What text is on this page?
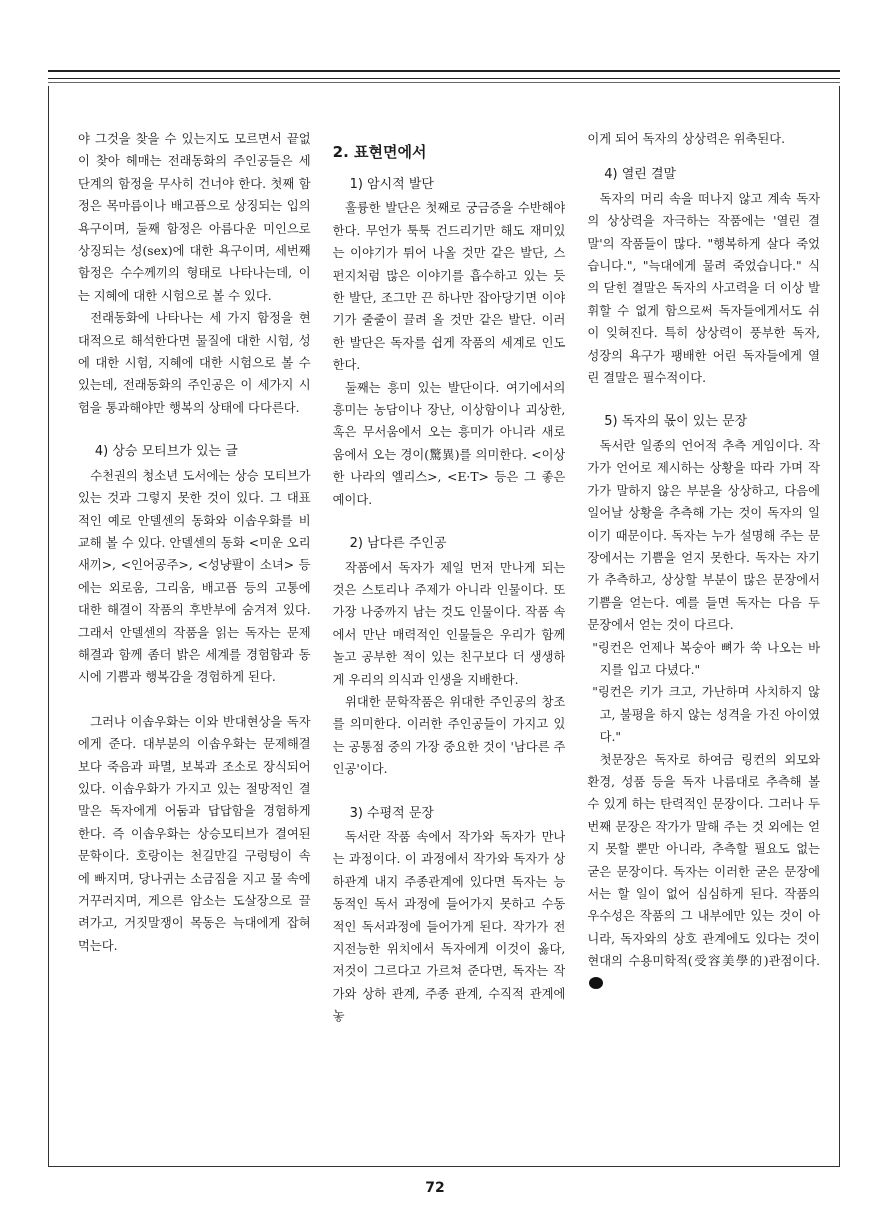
야 그것을 찾을 수 있는지도 모르면서 끝없이 찾아 헤매는 전래동화의 주인공들은 세 단계의 함정을 무사히 건너야 한다. 첫째 함정은 목마름이나 배고픔으로 상징되는 입의 욕구이며, 둘째 함정은 아름다운 미인으로 상징되는 성(sex)에 대한 욕구이며, 세번째 함정은 수수께끼의 형태로 나타나는데, 이는 지혜에 대한 시험으로 볼 수 있다.

전래동화에 나타나는 세 가지 함정을 현대적으로 해석한다면 물질에 대한 시험, 성에 대한 시험, 지혜에 대한 시험으로 볼 수 있는데, 전래동화의 주인공은 이 세가지 시험을 통과해야만 행복의 상태에 다다른다.

4) 상승 모티브가 있는 글

수천권의 청소년 도서에는 상승 모티브가 있는 것과 그렇지 못한 것이 있다. 그 대표적인 예로 안델센의 동화와 이솝우화를 비교해 볼 수 있다. 안델센의 동화 <미운 오리 새끼>, <인어공주>, <성냥팔이 소녀> 등에는 외로움, 그리움, 배고픔 등의 고통에 대한 해결이 작품의 후반부에 숨겨져 있다. 그래서 안델센의 작품을 읽는 독자는 문제 해결과 함께 좀더 밝은 세계를 경험함과 동시에 기쁨과 행복감을 경험하게 된다.

그러나 이솝우화는 이와 반대현상을 독자에게 준다. 대부분의 이솝우화는 문제해결 보다 죽음과 파멸, 보복과 조소로 장식되어 있다. 이솝우화가 가지고 있는 절망적인 결말은 독자에게 어둠과 답답함을 경험하게 한다. 즉 이솝우화는 상승모티브가 결여된 문학이다. 호랑이는 천길만길 구렁텅이 속에 빠지며, 당나귀는 소금짐을 지고 물 속에 거꾸러지며, 게으른 암소는 도살장으로 끌려가고, 거짓말쟁이 목동은 늑대에게 잡혀먹는다.

2. 표현면에서
1) 암시적 발단

훌륭한 발단은 첫째로 궁금증을 수반해야 한다. 무언가 툭툭 건드리기만 해도 재미있는 이야기가 튀어 나올 것만 같은 발단, 스펀지처럼 많은 이야기를 흡수하고 있는 듯한 발단, 조그만 끈 하나만 잡아당기면 이야기가 줄줄이 끌려 올 것만 같은 발단. 이러한 발단은 독자를 쉽게 작품의 세계로 인도한다.

둘째는 흥미 있는 발단이다. 여기에서의 흥미는 농담이나 장난, 이상함이나 괴상한, 혹은 무서움에서 오는 흥미가 아니라 새로움에서 오는 경이(驚異)를 의미한다. <이상한 나라의 엘리스>, <E·T> 등은 그 좋은 예이다.

2) 남다른 주인공

작품에서 독자가 제일 먼저 만나게 되는 것은 스토리나 주제가 아니라 인물이다. 또 가장 나중까지 남는 것도 인물이다. 작품 속에서 만난 매력적인 인물들은 우리가 함께 놀고 공부한 적이 있는 친구보다 더 생생하게 우리의 의식과 인생을 지배한다.

위대한 문학작품은 위대한 주인공의 창조를 의미한다. 이러한 주인공들이 가지고 있는 공통점 중의 가장 중요한 것이 '남다른 주인공'이다.

3) 수평적 문장

독서란 작품 속에서 작가와 독자가 만나는 과정이다. 이 과정에서 작가와 독자가 상하관계 내지 주종관계에 있다면 독자는 능동적인 독서 과정에 들어가지 못하고 수동적인 독서과정에 들어가게 된다. 작가가 전지전능한 위치에서 독자에게 이것이 옳다, 저것이 그르다고 가르쳐 준다면, 독자는 작가와 상하 관계, 주종 관계, 수직적 관계에 놓

이게 되어 독자의 상상력은 위축된다.

4) 열린 결말

독자의 머리 속을 떠나지 않고 계속 독자의 상상력을 자극하는 작품에는 '열린 결말'의 작품들이 많다. "행복하게 살다 죽었습니다.", "늑대에게 물려 죽었습니다." 식의 닫힌 결말은 독자의 사고력을 더 이상 발휘할 수 없게 함으로써 독자들에게서도 쉬이 잊혀진다. 특히 상상력이 풍부한 독자, 성장의 욕구가 팽배한 어린 독자들에게 열린 결말은 필수적이다.

5) 독자의 몫이 있는 문장

독서란 일종의 언어적 추측 게임이다. 작가가 언어로 제시하는 상황을 따라 가며 작가가 말하지 않은 부분을 상상하고, 다음에 일어날 상황을 추측해 가는 것이 독자의 일이기 때문이다. 독자는 누가 설명해 주는 문장에서는 기쁨을 얻지 못한다. 독자는 자기가 추측하고, 상상할 부분이 많은 문장에서 기쁨을 얻는다. 예를 들면 독자는 다음 두 문장에서 얻는 것이 다르다.

"링컨은 언제나 복숭아 뼈가 쑥 나오는 바지를 입고 다녔다."

"링컨은 키가 크고, 가난하며 사치하지 않고, 불평을 하지 않는 성격을 가진 아이였다."

첫문장은 독자로 하여금 링컨의 외모와 환경, 성품 등을 독자 나름대로 추측해 볼 수 있게 하는 탄력적인 문장이다. 그러나 두번째 문장은 작가가 말해 주는 것 외에는 얻지 못할 뿐만 아니라, 추측할 필요도 없는 굳은 문장이다. 독자는 이러한 굳은 문장에서는 할 일이 없어 심심하게 된다. 작품의 우수성은 작품의 그 내부에만 있는 것이 아니라, 독자와의 상호 관계에도 있다는 것이 현대의 수용미학적(受容美學的)관점이다.

72
